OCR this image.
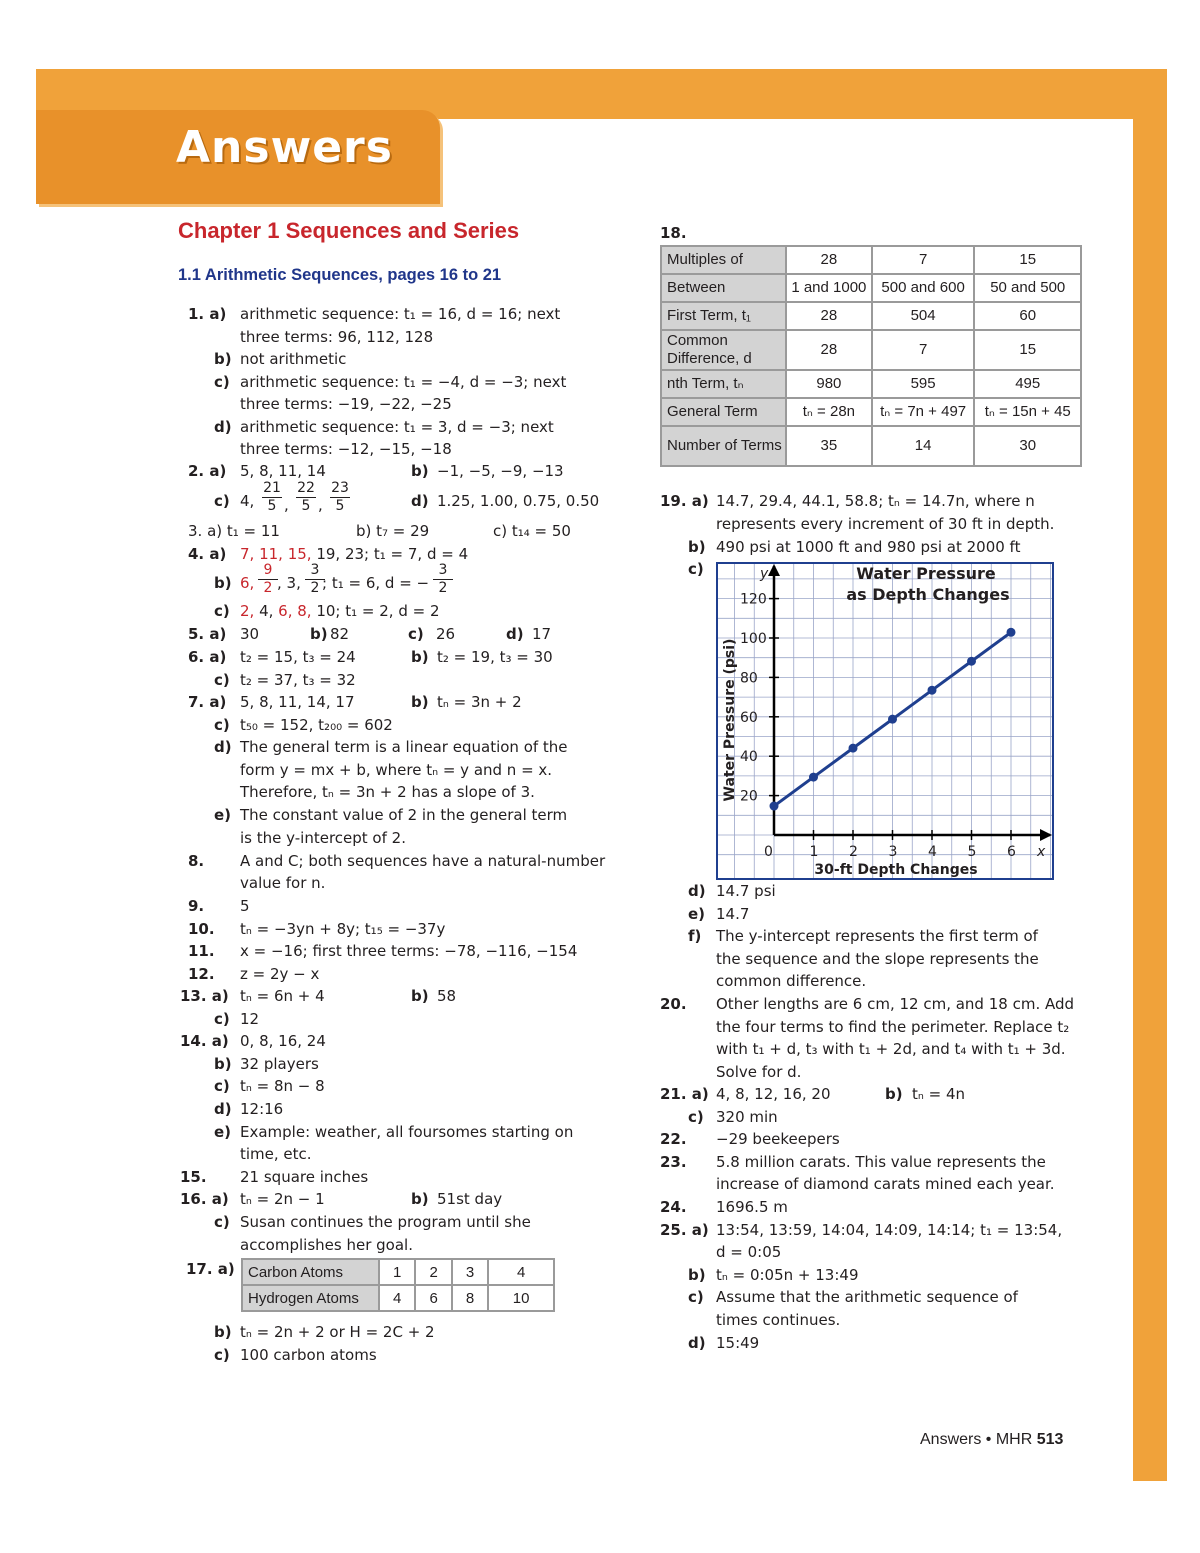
Answers
Chapter 1 Sequences and Series
1.1 Arithmetic Sequences, pages 16 to 21
1. a) arithmetic sequence: t₁ = 16, d = 16; next
three terms: 96, 112, 128
b) not arithmetic
c) arithmetic sequence: t₁ = −4, d = −3; next
three terms: −19, −22, −25
d) arithmetic sequence: t₁ = 3, d = −3; next
three terms: −12, −15, −18
5. a) 30	b) 82	c) 26	d) 17
6. a) t₂ = 15, t₃ = 24	b) t₂ = 19, t₃ = 30
c) t₂ = 37, t₃ = 32
7. a) 5, 8, 11, 14, 17	b) tₙ = 3n + 2
c) t₅₀ = 152, t₂₀₀ = 602
d) The general term is a linear equation of the
form y = mx + b, where tₙ = y and n = x.
Therefore, tₙ = 3n + 2 has a slope of 3.
e) The constant value of 2 in the general term
is the y-intercept of 2.
8. A and C; both sequences have a natural-number
value for n.
9. 5
10. tₙ = −3yn + 8y; t₁₅ = −37y
11. x = −16; first three terms: −78, −116, −154
12. z = 2y − x
13. a) tₙ = 6n + 4	b) 58
c) 12
14. a) 0, 8, 16, 24
b) 32 players
c) tₙ = 8n − 8
d) 12:16
e) Example: weather, all foursomes starting on
time, etc.
15. 21 square inches
16. a) tₙ = 2n − 1	b) 51st day
c) Susan continues the program until she
accomplishes her goal.
19. a) 14.7, 29.4, 44.1, 58.8; tₙ = 14.7n, where n
represents every increment of 30 ft in depth.
b) 490 psi at 1000 ft and 980 psi at 2000 ft
c)
d) 14.7 psi
e) 14.7
f) The y-intercept represents the first term of
the sequence and the slope represents the
common difference.
20. Other lengths are 6 cm, 12 cm, and 18 cm. Add
the four terms to find the perimeter. Replace t₂
with t₁ + d, t₃ with t₁ + 2d, and t₄ with t₁ + 3d.
Solve for d.
21. a) 4, 8, 12, 16, 20	b) tₙ = 4n
c) 320 min
22. −29 beekeepers
23. 5.8 million carats. This value represents the
increase of diamond carats mined each year.
24. 1696.5 m
25. a) 13:54, 13:59, 14:04, 14:09, 14:14; t₁ = 13:54,
d = 0:05
b) tₙ = 0:05n + 13:49
c) Assume that the arithmetic sequence of
times continues.
d) 15:49
2. a) 5, 8, 11, 14	b) −1, −5, −9, −13
c) 4, $\frac{21}{5} \frac{22}{5} \frac{23}{5}$
, ,	d) 1.25, 1.00, 0.75, 0.50
3. a) t₁ = 11	b) t₇ = 29	c) t₁₄ = 50
4. a) 7, 11, 15, 19, 23; t₁ = 7, d = 4
b) 6, $\frac{9}{2}$ , 3, $\frac{3}{2}$
; t₁ = 6, d = − $\frac{3}{2}$
c) 2, 4, 6, 8, 10; t₁ = 2, d = 2
17. a) Carbon Atoms	1	2	3	4
Hydrogen Atoms	4	6	8	10
b) tₙ = 2n + 2 or H = 2C + 2
c) 100 carbon atoms
18.
Multiples of	28	7	15
Between	1 and 1000	500 and 600	50 and 500
First Term, t₁	28	504	60
Common Difference, d	28	7	15
nth Term, tₙ	980	595	495
General Term	tₙ = 28n	tₙ = 7n + 497	tₙ = 15n + 45
Number of Terms	35	14	30
0	1 2 3 4 5 6
20
40
60
80
100
120
x
y	Water Pressure
as Depth Changes
30-ft Depth Changes
Water Pressure (psi)
Answers • MHR 513
